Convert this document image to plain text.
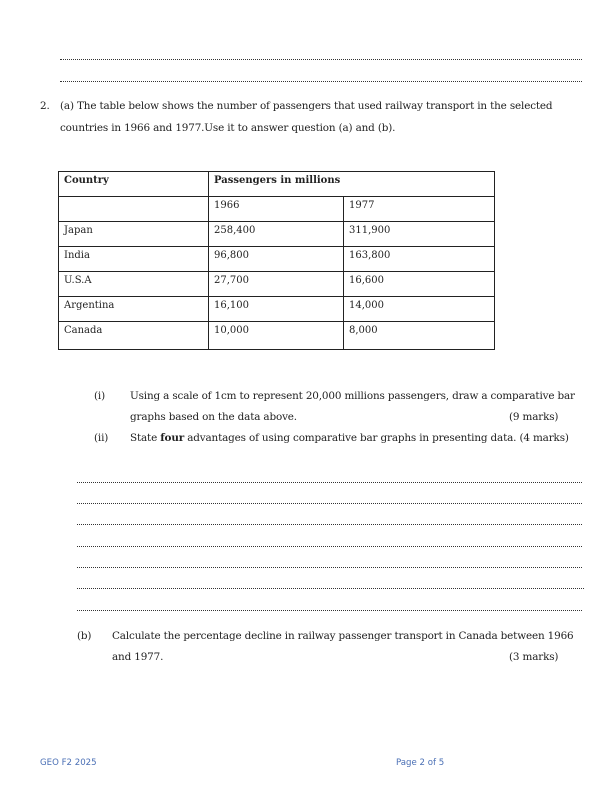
2. (a) The table below shows the number of passengers that used railway transport in the selected
countries in 1966 and 1977.Use it to answer question (a) and (b).
Country	Passengers in millions	
	1966	1977
Japan	258,400	311,900
India	96,800	163,800
U.S.A	27,700	16,600
Argentina	16,100	14,000
Canada	10,000	8,000
(i) Using a scale of 1cm to represent 20,000 millions passengers, draw a comparative bar
graphs based on the data above.	(9 marks)
(ii) State four advantages of using comparative bar graphs in presenting data. (4 marks)
(b) Calculate the percentage decline in railway passenger transport in Canada between 1966
and 1977.	(3 marks)
GEO F2 2025	Page 2 of 5
